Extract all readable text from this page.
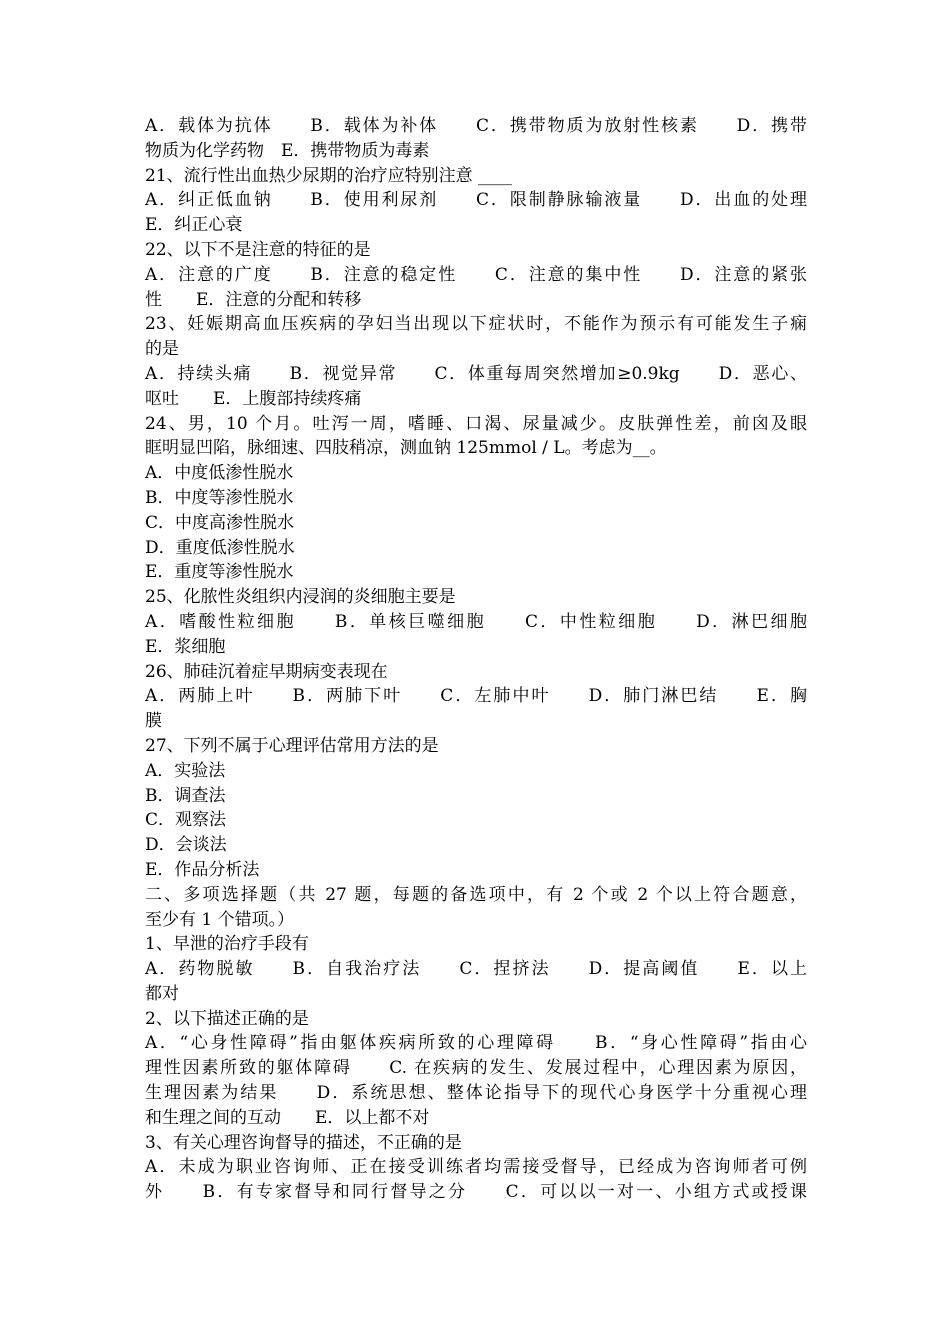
A．载体为抗体　　B．载体为补体　　C．携带物质为放射性核素　　D．携带
物质为化学药物　E．携带物质为毒素
21、流行性出血热少尿期的治疗应特别注意 ____
A．纠正低血钠　　B．使用利尿剂　　C．限制静脉输液量　　D．出血的处理
E．纠正心衰
22、以下不是注意的特征的是
A．注意的广度　　B．注意的稳定性　　C．注意的集中性　　D．注意的紧张
性　　E．注意的分配和转移
23、妊娠期高血压疾病的孕妇当出现以下症状时，不能作为预示有可能发生子痫
的是
A．持续头痛　　B．视觉异常　　C．体重每周突然增加≥0.9kg　　D．恶心、
呕吐　　E．上腹部持续疼痛
24、男，10 个月。吐泻一周，嗜睡、口渴、尿量减少。皮肤弹性差，前囟及眼
眶明显凹陷，脉细速、四肢稍凉，测血钠 125mmol / L。考虑为__。
A．中度低渗性脱水
B．中度等渗性脱水
C．中度高渗性脱水
D．重度低渗性脱水
E．重度等渗性脱水
25、化脓性炎组织内浸润的炎细胞主要是
A．嗜酸性粒细胞　　B．单核巨噬细胞　　C．中性粒细胞　　D．淋巴细胞
E．浆细胞
26、肺硅沉着症早期病变表现在
A．两肺上叶　　B．两肺下叶　　C．左肺中叶　　D．肺门淋巴结　　E．胸
膜
27、下列不属于心理评估常用方法的是
A．实验法
B．调查法
C．观察法
D．会谈法
E．作品分析法
二、多项选择题（共 27 题，每题的备选项中，有 2 个或 2 个以上符合题意，
至少有 1 个错项。）
1、早泄的治疗手段有
A．药物脱敏　　B．自我治疗法　　C．捏挤法　　D．提高阈值　　E．以上
都对
2、以下描述正确的是
A．“心身性障碍”指由躯体疾病所致的心理障碍　　B．“身心性障碍”指由心
理性因素所致的躯体障碍　　C. 在疾病的发生、发展过程中，心理因素为原因，
生理因素为结果　　D．系统思想、整体论指导下的现代心身医学十分重视心理
和生理之间的互动　　E．以上都不对
3、有关心理咨询督导的描述，不正确的是
A．未成为职业咨询师、正在接受训练者均需接受督导，已经成为咨询师者可例
外　　B．有专家督导和同行督导之分　　C．可以以一对一、小组方式或授课
